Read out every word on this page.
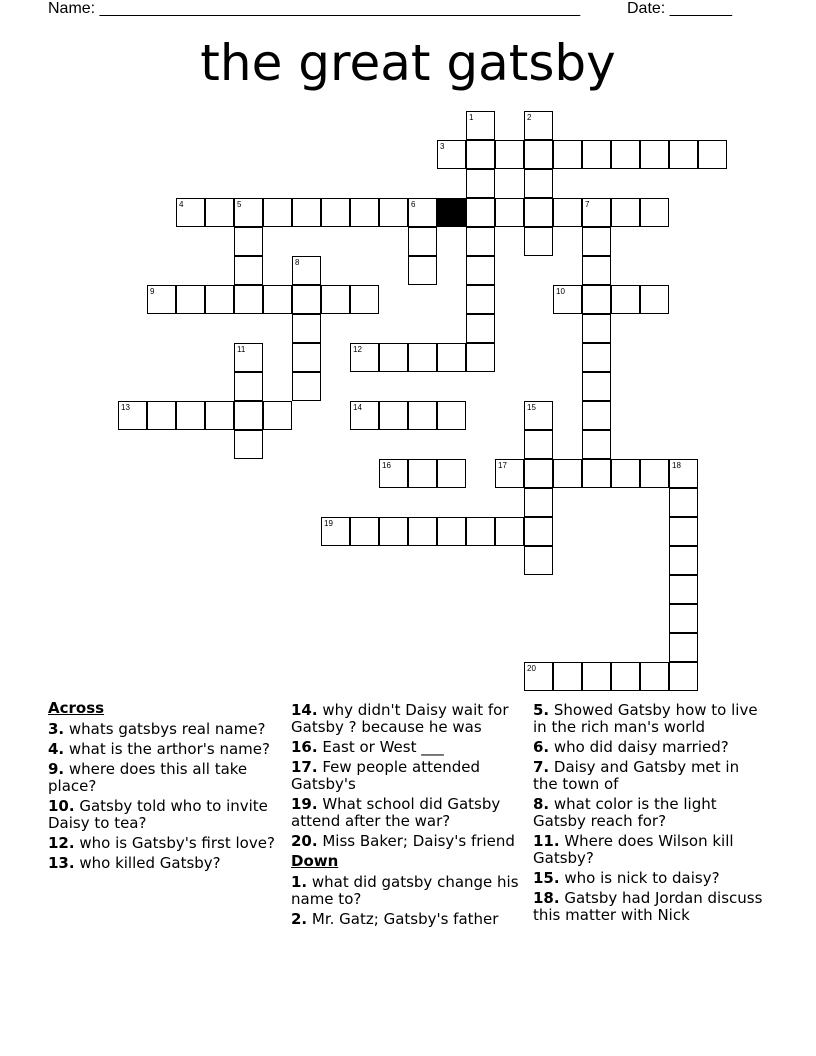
Name: ______________________________________________________	Date: _______
the great gatsby
1	2
3
4	5	6	7
8
9	10
11	12
13	14	15
16	17	18
19
20
Across
3. whats gatsbys real name?
4. what is the arthor's name?
9. where does this all take place?
10. Gatsby told who to invite Daisy to tea?
12. who is Gatsby's first love?
13. who killed Gatsby?
14. why didn't Daisy wait for Gatsby ? because he was
16. East or West ___
17. Few people attended Gatsby's
19. What school did Gatsby attend after the war?
20. Miss Baker; Daisy's friend
Down
1. what did gatsby change his name to?
2. Mr. Gatz; Gatsby's father
5. Showed Gatsby how to live in the rich man's world
6. who did daisy married?
7. Daisy and Gatsby met in the town of
8. what color is the light Gatsby reach for?
11. Where does Wilson kill Gatsby?
15. who is nick to daisy?
18. Gatsby had Jordan discuss this matter with Nick
